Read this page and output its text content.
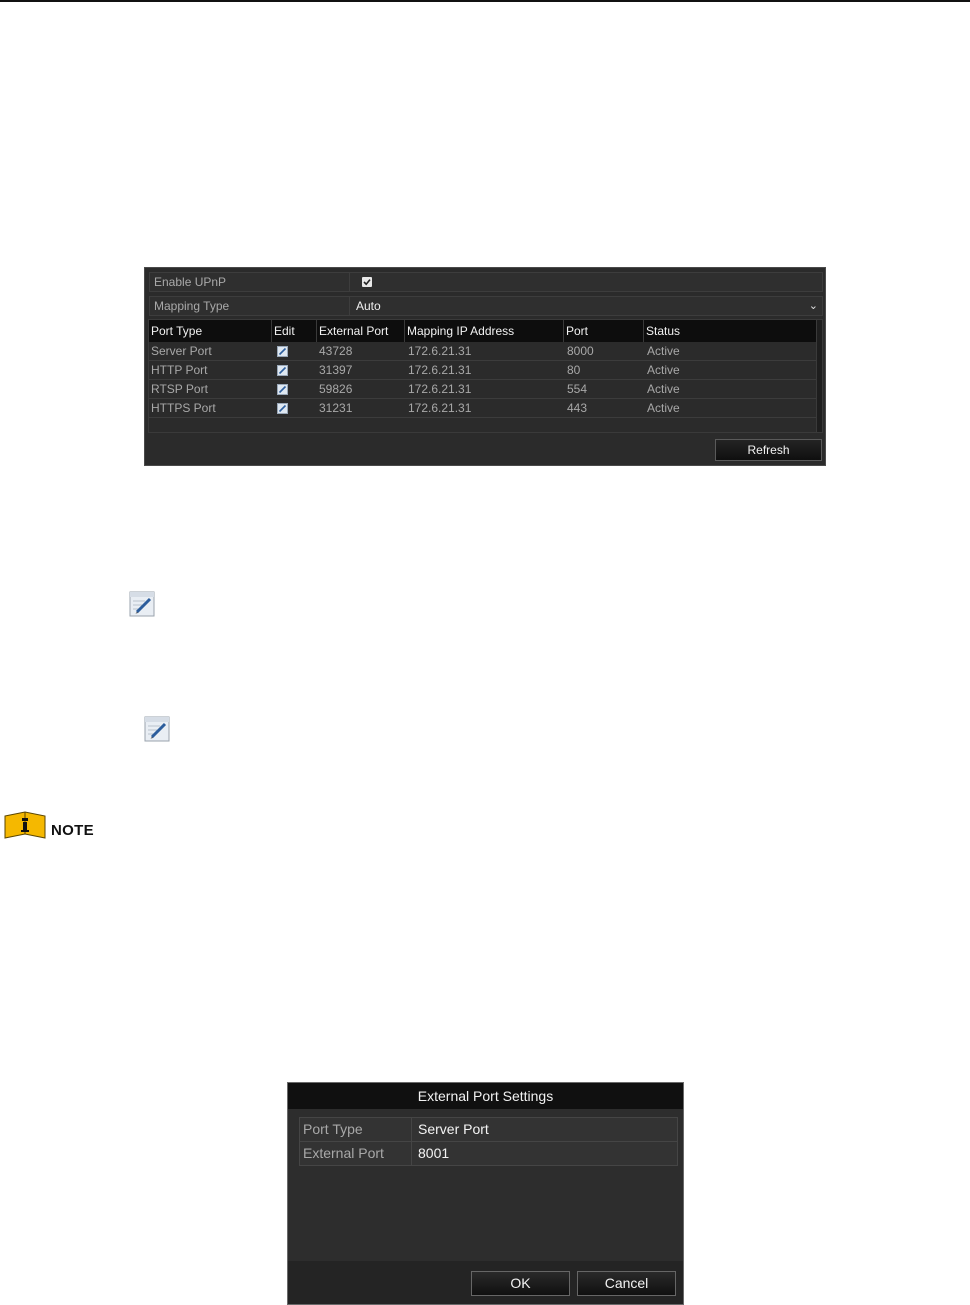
Enable UPnP
Mapping Type	Auto	⌄
Port Type	Edit	External Port	Mapping IP Address	Port	Status
Server Port	43728	172.6.21.31	8000	Active
HTTP Port	31397	172.6.21.31	80	Active
RTSP Port	59826	172.6.21.31	554	Active
HTTPS Port	31231	172.6.21.31	443	Active
Refresh
NOTE
External Port Settings
Port Type	Server Port
External Port	8001
OK	Cancel
